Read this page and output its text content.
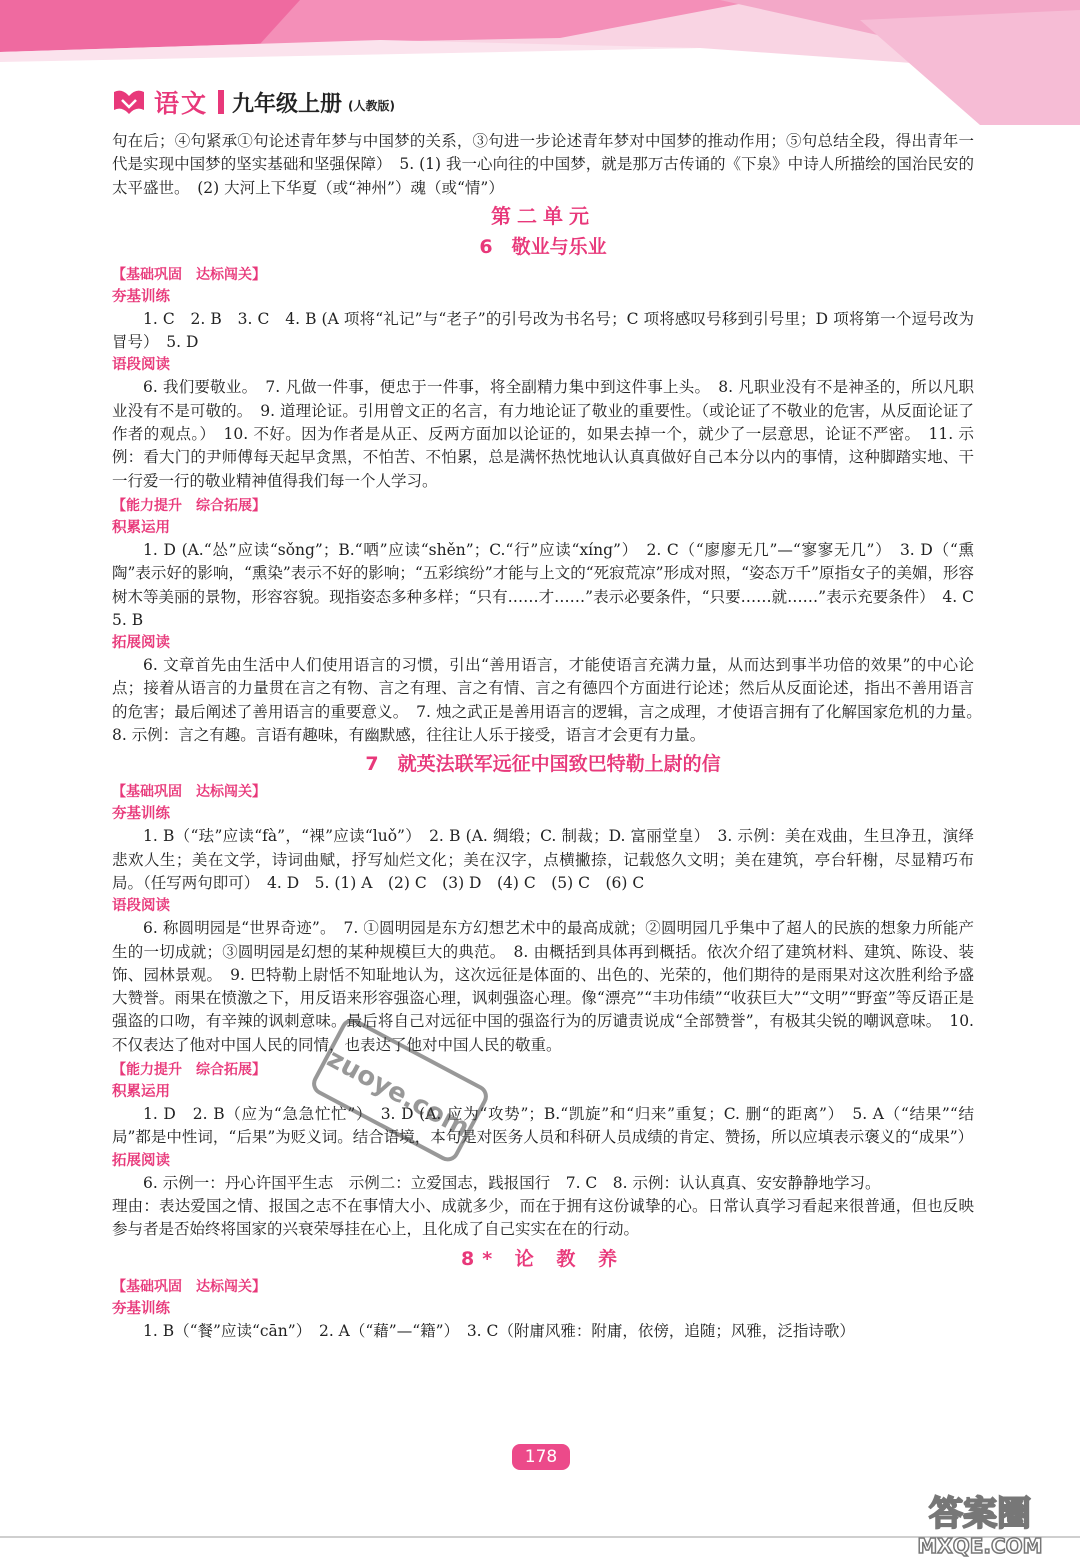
语文 九年级上册 (人教版)

句在后；④句紧承①句论述青年梦与中国梦的关系，③句进一步论述青年梦对中国梦的推动作用；⑤句总结全段，得出青年一代是实现中国梦的坚实基础和坚强保障）　5. (1) 我一心向往的中国梦，就是那万古传诵的《下泉》中诗人所描绘的国治民安的太平盛世。　(2) 大河上下华夏（或“神州”）魂（或“情”）

第二单元
6　敬业与乐业
【基础巩固　达标闯关】
夯基训练

1. C　2. B　3. C　4. B (A 项将“礼记”与“老子”的引号改为书名号；C 项将感叹号移到引号里；D 项将第一个逗号改为冒号）　5. D

语段阅读

6. 我们要敬业。　7. 凡做一件事，便忠于一件事，将全副精力集中到这件事上头。　8. 凡职业没有不是神圣的，所以凡职业没有不是可敬的。　9. 道理论证。引用曾文正的名言，有力地论证了敬业的重要性。（或论证了不敬业的危害，从反面论证了作者的观点。）　10. 不好。因为作者是从正、反两方面加以论证的，如果去掉一个，就少了一层意思，论证不严密。　11. 示例：看大门的尹师傅每天起早贪黑，不怕苦、不怕累，总是满怀热忱地认认真真做好自己本分以内的事情，这种脚踏实地、干一行爱一行的敬业精神值得我们每一个人学习。

【能力提升　综合拓展】
积累运用

1. D (A.“怂”应读“sǒng”；B.“哂”应读“shěn”；C.“行”应读“xíng”）　2. C（“廖廖无几”—“寥寥无几”）　3. D（“熏陶”表示好的影响，“熏染”表示不好的影响；“五彩缤纷”才能与上文的“死寂荒凉”形成对照，“姿态万千”原指女子的美媚，形容树木等美丽的景物，形容容貌。现指姿态多种多样；“只有……才……”表示必要条件，“只要……就……”表示充要条件）　4. C　5. B

拓展阅读

6. 文章首先由生活中人们使用语言的习惯，引出“善用语言，才能使语言充满力量，从而达到事半功倍的效果”的中心论点；接着从语言的力量贯在言之有物、言之有理、言之有情、言之有德四个方面进行论述；然后从反面论述，指出不善用语言的危害；最后阐述了善用语言的重要意义。　7. 烛之武正是善用语言的逻辑，言之成理，才使语言拥有了化解国家危机的力量。　8. 示例：言之有趣。言语有趣味，有幽默感，往往让人乐于接受，语言才会更有力量。

7　就英法联军远征中国致巴特勒上尉的信
【基础巩固　达标闯关】
夯基训练

1. B（“珐”应读“fà”，“裸”应读“luǒ”）　2. B (A. 绸缎；C. 制裁；D. 富丽堂皇）　3. 示例：美在戏曲，生旦净丑，演绎悲欢人生；美在文学，诗词曲赋，抒写灿烂文化；美在汉字，点横撇捺，记载悠久文明；美在建筑，亭台轩榭，尽显精巧布局。（任写两句即可）　4. D　5. (1) A　(2) C　(3) D　(4) C　(5) C　(6) C

语段阅读

6. 称圆明园是“世界奇迹”。　7. ①圆明园是东方幻想艺术中的最高成就；②圆明园几乎集中了超人的民族的想象力所能产生的一切成就；③圆明园是幻想的某种规模巨大的典范。　8. 由概括到具体再到概括。依次介绍了建筑材料、建筑、陈设、装饰、园林景观。　9. 巴特勒上尉恬不知耻地认为，这次远征是体面的、出色的、光荣的，他们期待的是雨果对这次胜利给予盛大赞誉。雨果在愤激之下，用反语来形容强盗心理，讽刺强盗心理。像“漂亮”“丰功伟绩”“收获巨大”“文明”“野蛮”等反语正是强盗的口吻，有辛辣的讽刺意味。最后将自己对远征中国的强盗行为的厉谴责说成“全部赞誉”，有极其尖锐的嘲讽意味。　10. 不仅表达了他对中国人民的同情，也表达了他对中国人民的敬重。

【能力提升　综合拓展】
积累运用

1. D　2. B（应为“急急忙忙”）　3. D (A. 应为“攻势”；B.“凯旋”和“归来”重复；C. 删“的距离”）　5. A（“结果”“结局”都是中性词，“后果”为贬义词。结合语境，本句是对医务人员和科研人员成绩的肯定、赞扬，所以应填表示褒义的“成果”）

拓展阅读

6. 示例一：丹心许国平生志　示例二：立爱国志，践报国行　7. C　8. 示例：认认真真、安安静静地学习。

理由：表达爱国之情、报国之志不在事情大小、成就多少，而在于拥有这份诚挚的心。日常认真学习看起来很普通，但也反映参与者是否始终将国家的兴衰荣辱挂在心上，且化成了自己实实在在的行动。

8* 论 教 养
【基础巩固　达标闯关】
夯基训练

1. B（“餐”应读“cān”）　2. A（“藉”—“籍”）　3. C（附庸风雅：附庸，依傍，追随；风雅，泛指诗歌）

zuoye.com
178
答案圈
MXQE.COM
